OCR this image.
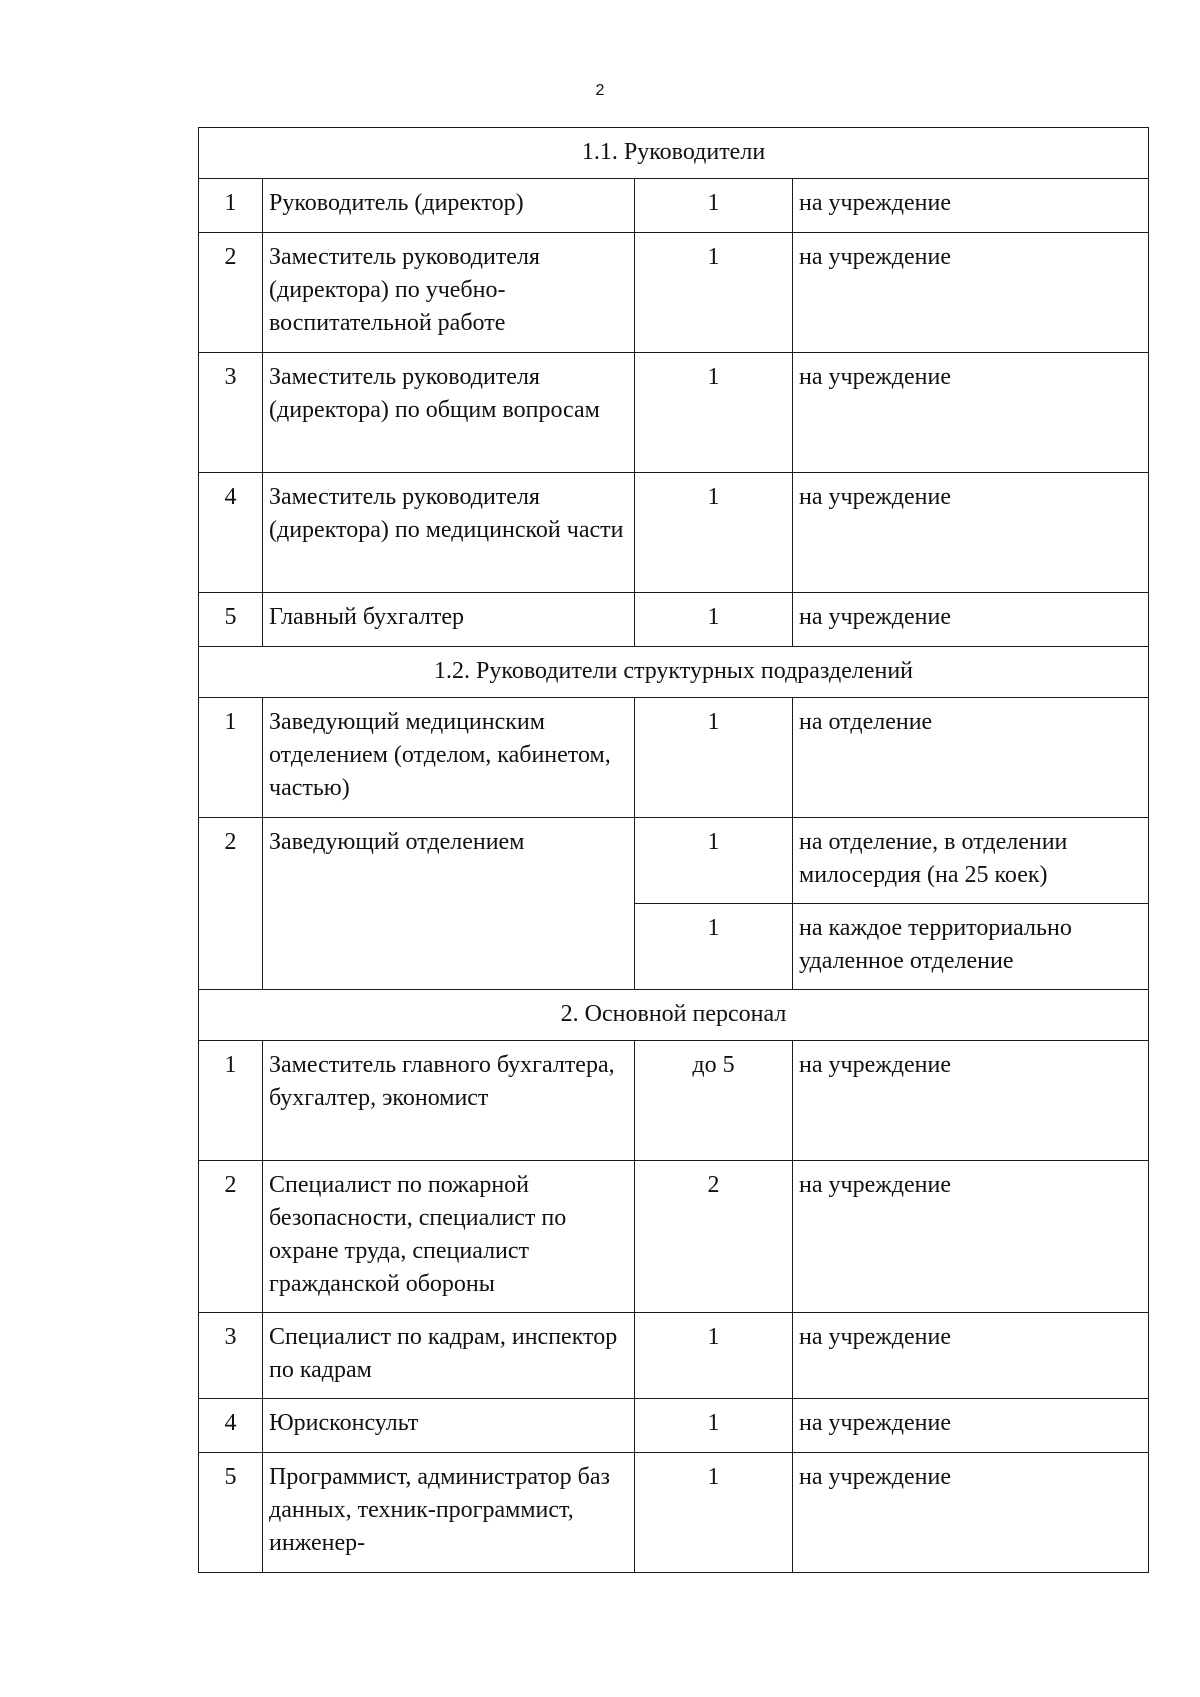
2
1.1. Руководители			
1	Руководитель (директор)	1	на учреждение
2	Заместитель руководителя (директора) по учебно-воспитательной работе	1	на учреждение
3	Заместитель руководителя (директора) по общим вопросам	1	на учреждение
4	Заместитель руководителя (директора) по медицинской части	1	на учреждение
5	Главный бухгалтер	1	на учреждение
1.2. Руководители структурных подразделений			
1	Заведующий медицинским отделением (отделом, кабинетом, частью)	1	на отделение
2	Заведующий отделением	1	на отделение, в отделении милосердия (на 25 коек)
		1	на каждое территориально удаленное отделение
2. Основной персонал			
1	Заместитель главного бухгалтера, бухгалтер, экономист	до 5	на учреждение
2	Специалист по пожарной безопасности, специалист по охране труда, специалист гражданской обороны	2	на учреждение
3	Специалист по кадрам, инспектор по кадрам	1	на учреждение
4	Юрисконсульт	1	на учреждение
5	Программист, администратор баз данных, техник-программист, инженер-	1	на учреждение
